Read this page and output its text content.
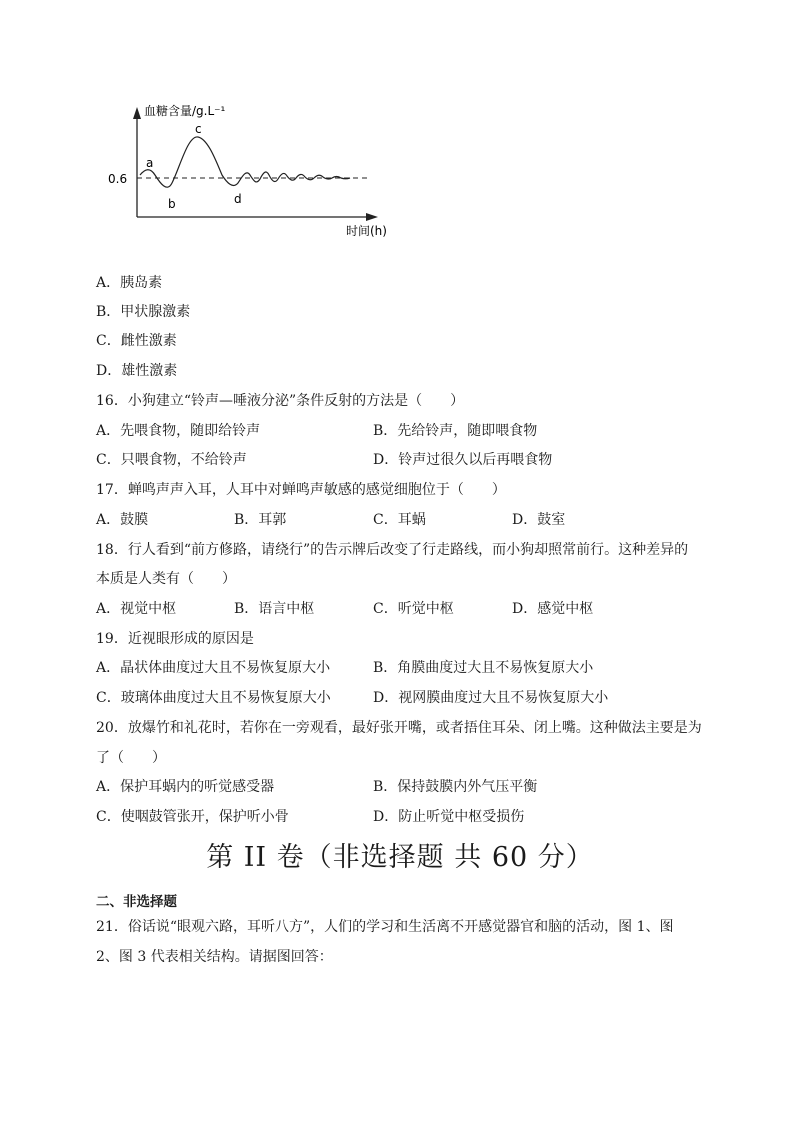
血糖含量/g.L⁻¹
0.6
a
b
c
d
时间(h)
A．胰岛素
B．甲状腺激素
C．雌性激素
D．雄性激素
16．小狗建立“铃声—唾液分泌”条件反射的方法是（　　）
A．先喂食物，随即给铃声	B．先给铃声，随即喂食物
C．只喂食物，不给铃声	D．铃声过很久以后再喂食物
17．蝉鸣声声入耳，人耳中对蝉鸣声敏感的感觉细胞位于（　　）
A．鼓膜	B．耳郭	C．耳蜗	D．鼓室
18．行人看到“前方修路，请绕行”的告示牌后改变了行走路线，而小狗却照常前行。这种差异的
本质是人类有（　　）
A．视觉中枢	B．语言中枢	C．听觉中枢	D．感觉中枢
19．近视眼形成的原因是
A．晶状体曲度过大且不易恢复原大小	B．角膜曲度过大且不易恢复原大小
C．玻璃体曲度过大且不易恢复原大小	D．视网膜曲度过大且不易恢复原大小
20．放爆竹和礼花时，若你在一旁观看，最好张开嘴，或者捂住耳朵、闭上嘴。这种做法主要是为
了（　　）
A．保护耳蜗内的听觉感受器	B．保持鼓膜内外气压平衡
C．使咽鼓管张开，保护听小骨	D．防止听觉中枢受损伤
第 II 卷（非选择题 共 60 分）
二、非选择题
21．俗话说“眼观六路，耳听八方”，人们的学习和生活离不开感觉器官和脑的活动，图 1、图
2、图 3 代表相关结构。请据图回答：
